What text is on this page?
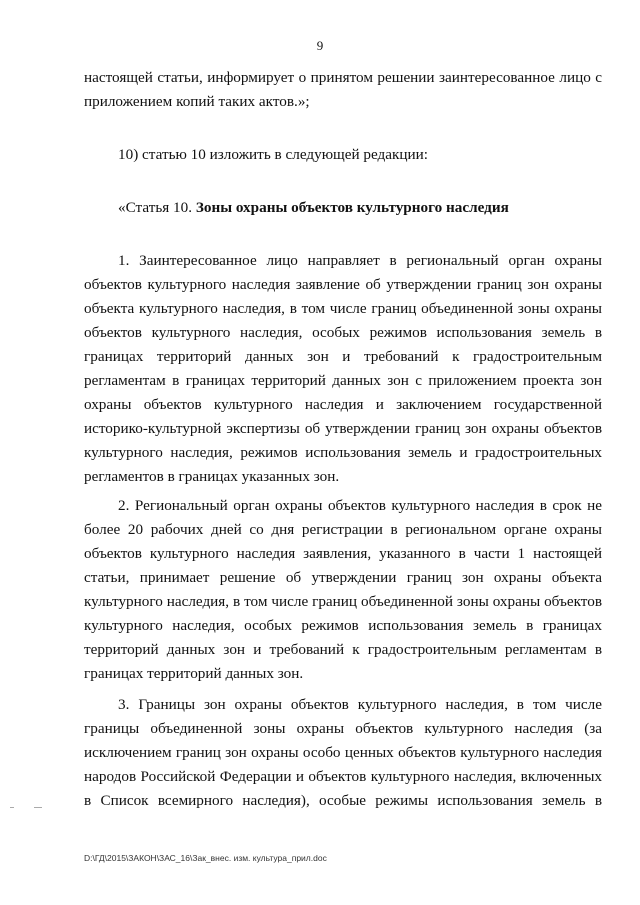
9
настоящей статьи, информирует о принятом решении заинтересованное лицо с
приложением копий таких актов.»;
10) статью 10 изложить в следующей редакции:
«Статья 10. Зоны охраны объектов культурного наследия
1. Заинтересованное лицо направляет в региональный орган охраны
объектов культурного наследия заявление об утверждении границ зон охраны
объекта культурного наследия, в том числе границ объединенной зоны охраны
объектов культурного наследия, особых режимов использования земель в
границах территорий данных зон и требований к градостроительным
регламентам в границах территорий данных зон с приложением проекта зон
охраны объектов культурного наследия и заключением государственной
историко-культурной экспертизы об утверждении границ зон охраны объектов
культурного наследия, режимов использования земель и градостроительных
регламентов в границах указанных зон.
2. Региональный орган охраны объектов культурного наследия в срок не
более 20 рабочих дней со дня регистрации в региональном органе охраны
объектов культурного наследия заявления, указанного в части 1 настоящей
статьи, принимает решение об утверждении границ зон охраны объекта
культурного наследия, в том числе границ объединенной зоны охраны объектов
культурного наследия, особых режимов использования земель в границах
территорий данных зон и требований к градостроительным регламентам в
границах территорий данных зон.
3. Границы зон охраны объектов культурного наследия, в том числе
границы объединенной зоны охраны объектов культурного наследия (за
исключением границ зон охраны особо ценных объектов культурного наследия
народов Российской Федерации и объектов культурного наследия, включенных
в Список всемирного наследия), особые режимы использования земель в
D:\ГД\2015\ЗАКОН\ЗАС_16\Зак_внес. изм. культура_прил.doc
